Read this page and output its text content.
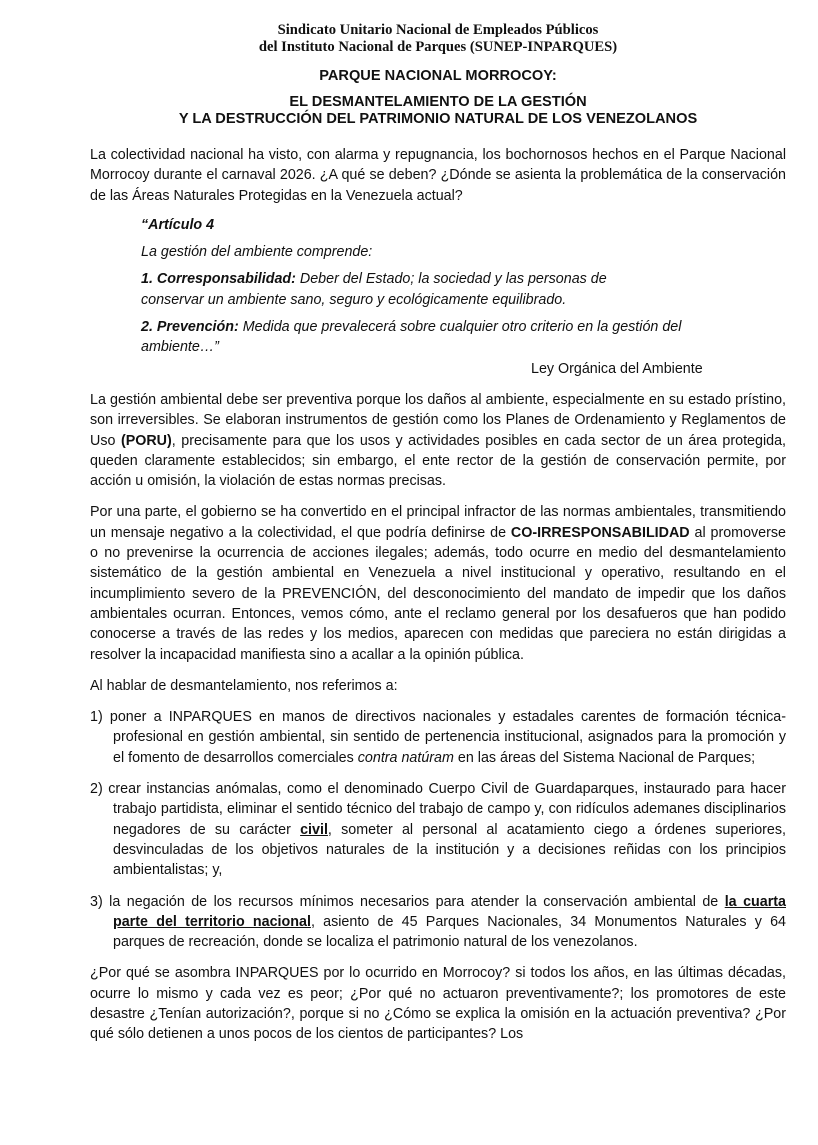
Sindicato Unitario Nacional de Empleados Públicos
del Instituto Nacional de Parques (SUNEP-INPARQUES)
PARQUE NACIONAL MORROCOY:
EL DESMANTELAMIENTO DE LA GESTIÓN
Y LA DESTRUCCIÓN DEL PATRIMONIO NATURAL DE LOS VENEZOLANOS

La colectividad nacional ha visto, con alarma y repugnancia, los bochornosos hechos en el Parque Nacional Morrocoy durante el carnaval 2026. ¿A qué se deben? ¿Dónde se asienta la problemática de la conservación de las Áreas Naturales Protegidas en la Venezuela actual?

“Artículo 4
La gestión del ambiente comprende:
1. Corresponsabilidad: Deber del Estado; la sociedad y las personas de conservar un ambiente sano, seguro y ecológicamente equilibrado.
2. Prevención: Medida que prevalecerá sobre cualquier otro criterio en la gestión del ambiente…”
Ley Orgánica del Ambiente

La gestión ambiental debe ser preventiva porque los daños al ambiente, especialmente en su estado prístino, son irreversibles. Se elaboran instrumentos de gestión como los Planes de Ordenamiento y Reglamentos de Uso (PORU), precisamente para que los usos y actividades posibles en cada sector de un área protegida, queden claramente establecidos; sin embargo, el ente rector de la gestión de conservación permite, por acción u omisión, la violación de estas normas precisas.

Por una parte, el gobierno se ha convertido en el principal infractor de las normas ambientales, transmitiendo un mensaje negativo a la colectividad, el que podría definirse de CO-IRRESPONSABILIDAD al promoverse o no prevenirse la ocurrencia de acciones ilegales; además, todo ocurre en medio del desmantelamiento sistemático de la gestión ambiental en Venezuela a nivel institucional y operativo, resultando en el incumplimiento severo de la PREVENCIÓN, del desconocimiento del mandato de impedir que los daños ambientales ocurran. Entonces, vemos cómo, ante el reclamo general por los desafueros que han podido conocerse a través de las redes y los medios, aparecen con medidas que pareciera no están dirigidas a resolver la incapacidad manifiesta sino a acallar a la opinión pública.

Al hablar de desmantelamiento, nos referimos a:

1) poner a INPARQUES en manos de directivos nacionales y estadales carentes de formación técnica-profesional en gestión ambiental, sin sentido de pertenencia institucional, asignados para la promoción y el fomento de desarrollos comerciales contra natúram en las áreas del Sistema Nacional de Parques;

2) crear instancias anómalas, como el denominado Cuerpo Civil de Guardaparques, instaurado para hacer trabajo partidista, eliminar el sentido técnico del trabajo de campo y, con ridículos ademanes disciplinarios negadores de su carácter civil, someter al personal al acatamiento ciego a órdenes superiores, desvinculadas de los objetivos naturales de la institución y a decisiones reñidas con los principios ambientalistas; y,

3) la negación de los recursos mínimos necesarios para atender la conservación ambiental de la cuarta parte del territorio nacional, asiento de 45 Parques Nacionales, 34 Monumentos Naturales y 64 parques de recreación, donde se localiza el patrimonio natural de los venezolanos.

¿Por qué se asombra INPARQUES por lo ocurrido en Morrocoy? si todos los años, en las últimas décadas, ocurre lo mismo y cada vez es peor; ¿Por qué no actuaron preventivamente?; los promotores de este desastre ¿Tenían autorización?, porque si no ¿Cómo se explica la omisión en la actuación preventiva? ¿Por qué sólo detienen a unos pocos de los cientos de participantes? Los
